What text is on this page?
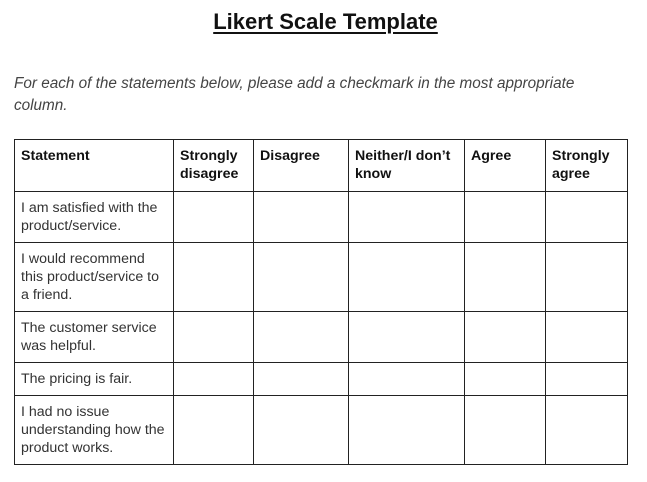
Likert Scale Template
For each of the statements below, please add a checkmark in the most appropriate column.
Statement	Strongly disagree	Disagree	Neither/I don’t know	Agree	Strongly agree
I am satisfied with the product/service.					
I would recommend this product/service to a friend.					
The customer service was helpful.					
The pricing is fair.					
I had no issue understanding how the product works.					
